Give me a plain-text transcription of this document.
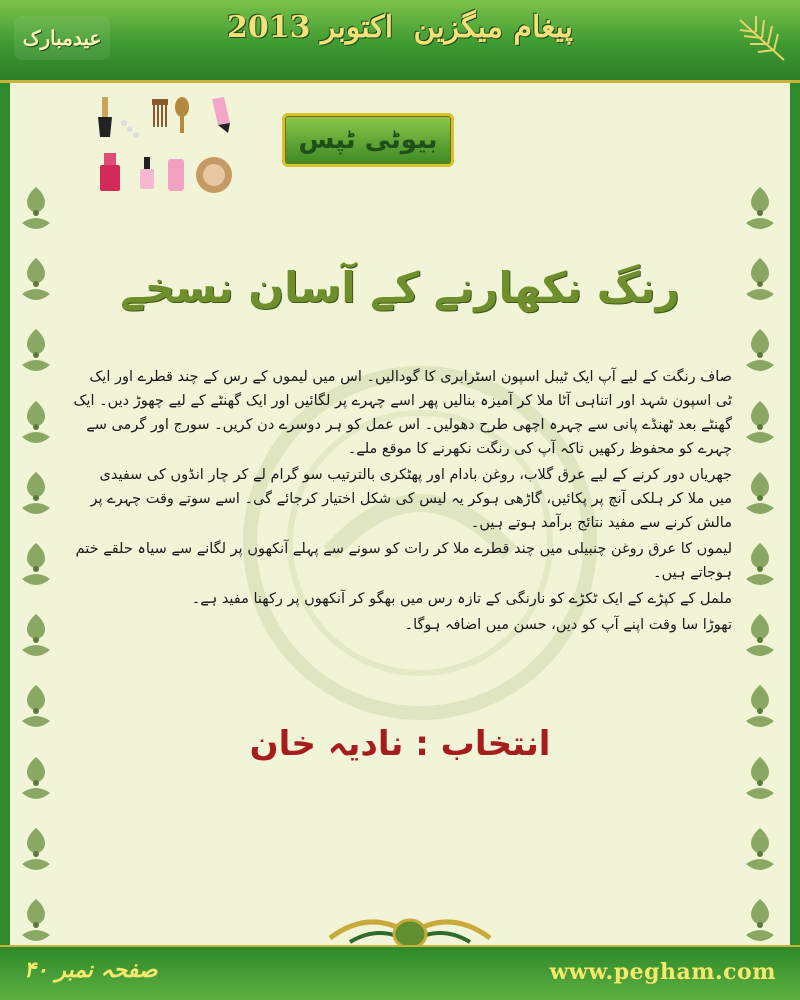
عیدمبارک	پیغام میگزین اکتوبر 2013
بیوٹی ٹپس
رنگ نکھارنے کے آسان نسخے

صاف رنگت کے لیے آپ ایک ٹیبل اسپون اسٹرابری کا گودالیں۔ اس میں لیموں کے رس کے چند قطرے اور ایک ٹی اسپون شہد اور اتناہی آٹا ملا کر آمیزہ بنالیں پھر اسے چہرے پر لگائیں اور ایک گھنٹے کے لیے چھوڑ دیں۔ ایک گھنٹے بعد ٹھنڈے پانی سے چہرہ اچھی طرح دھولیں۔ اس عمل کو ہر دوسرے دن کریں۔ سورج اور گرمی سے چہرے کو محفوظ رکھیں تاکہ آپ کی رنگت نکھرنے کا موقع ملے۔

جھریاں دور کرنے کے لیے عرق گلاب، روغن بادام اور پھٹکری بالترتیب سو گرام لے کر چار انڈوں کی سفیدی میں ملا کر ہلکی آنچ پر پکائیں، گاڑھی ہوکر یہ لیس کی شکل اختیار کرجائے گی۔ اسے سوتے وقت چہرے پر مالش کرنے سے مفید نتائج برآمد ہوتے ہیں۔

لیموں کا عرق روغن چنبیلی میں چند قطرے ملا کر رات کو سونے سے پہلے آنکھوں پر لگانے سے سیاہ حلقے ختم ہوجاتے ہیں۔

ململ کے کپڑے کے ایک ٹکڑے کو نارنگی کے تازہ رس میں بھگو کر آنکھوں پر رکھنا مفید ہے۔

تھوڑا سا وقت اپنے آپ کو دیں، حسن میں اضافہ ہوگا۔

انتخاب : نادیہ خان
صفحہ نمبر ۴۰	www.pegham.com
